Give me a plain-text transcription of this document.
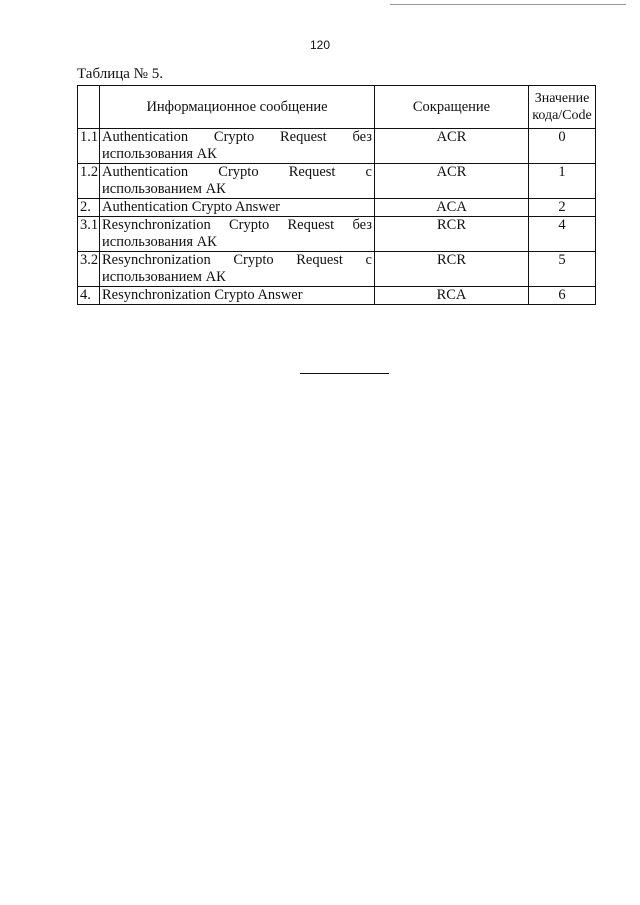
120
Таблица № 5.
	Информационное сообщение	Сокращение	Значение кода/Code
1.1	Authentication Crypto Request без использования АК	ACR	0
1.2	Authentication Crypto Request с использованием АК	ACR	1
2.	Authentication Crypto Answer	ACA	2
3.1	Resynchronization Crypto Request без использования АК	RCR	4
3.2	Resynchronization Crypto Request с использованием АК	RCR	5
4.	Resynchronization Crypto Answer	RCA	6
